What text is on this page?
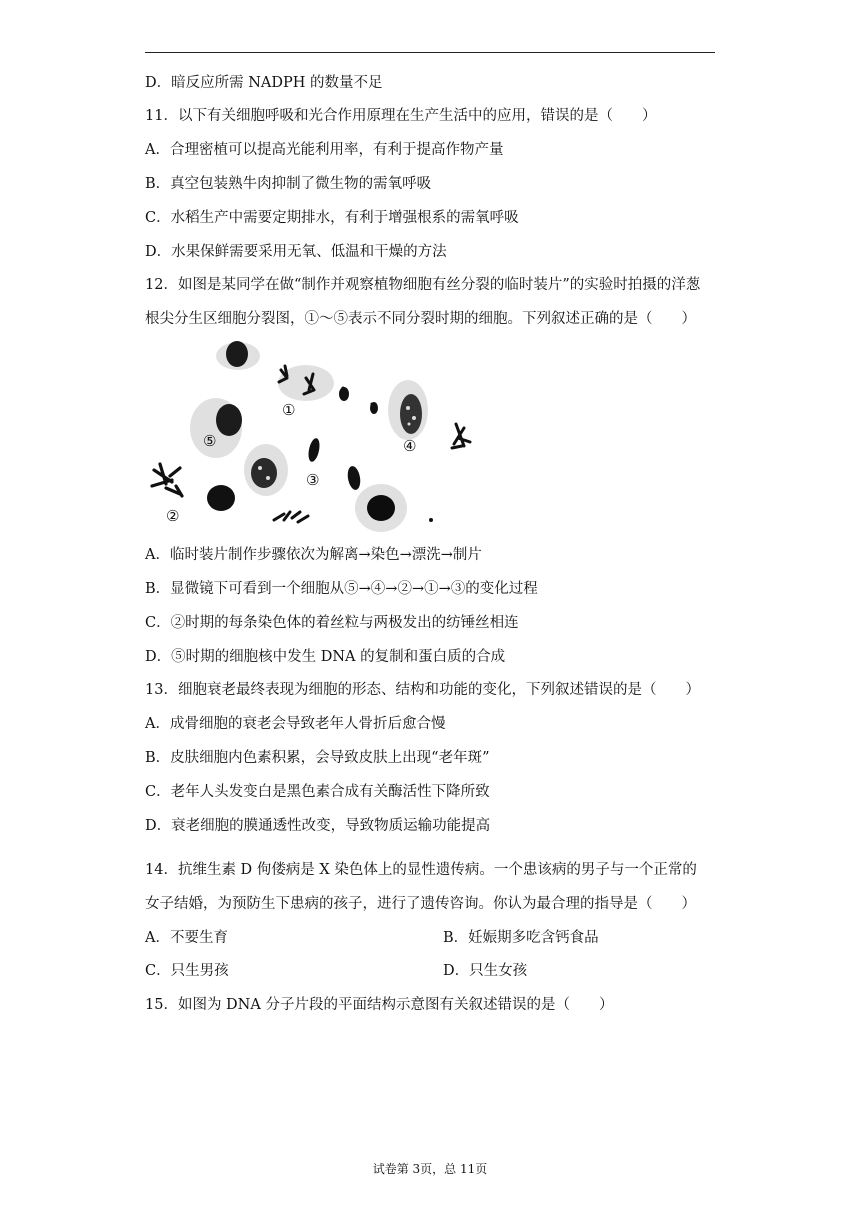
D．暗反应所需 NADPH 的数量不足
11．以下有关细胞呼吸和光合作用原理在生产生活中的应用，错误的是（　　）
A．合理密植可以提高光能利用率，有利于提高作物产量
B．真空包装熟牛肉抑制了微生物的需氧呼吸
C．水稻生产中需要定期排水，有利于增强根系的需氧呼吸
D．水果保鲜需要采用无氧、低温和干燥的方法
12．如图是某同学在做“制作并观察植物细胞有丝分裂的临时装片”的实验时拍摄的洋葱
根尖分生区细胞分裂图，①～⑤表示不同分裂时期的细胞。下列叙述正确的是（　　）
①
②
③
④
⑤
A．临时装片制作步骤依次为解离→染色→漂洗→制片
B．显微镜下可看到一个细胞从⑤→④→②→①→③的变化过程
C．②时期的每条染色体的着丝粒与两极发出的纺锤丝相连
D．⑤时期的细胞核中发生 DNA 的复制和蛋白质的合成
13．细胞衰老最终表现为细胞的形态、结构和功能的变化，下列叙述错误的是（　　）
A．成骨细胞的衰老会导致老年人骨折后愈合慢
B．皮肤细胞内色素积累，会导致皮肤上出现“老年斑”
C．老年人头发变白是黑色素合成有关酶活性下降所致
D．衰老细胞的膜通透性改变，导致物质运输功能提高
14．抗维生素 D 佝偻病是 X 染色体上的显性遗传病。一个患该病的男子与一个正常的
女子结婚，为预防生下患病的孩子，进行了遗传咨询。你认为最合理的指导是（　　）
A．不要生育	B．妊娠期多吃含钙食品
C．只生男孩	D．只生女孩
15．如图为 DNA 分子片段的平面结构示意图有关叙述错误的是（　　）
试卷第 3页，总 11页
